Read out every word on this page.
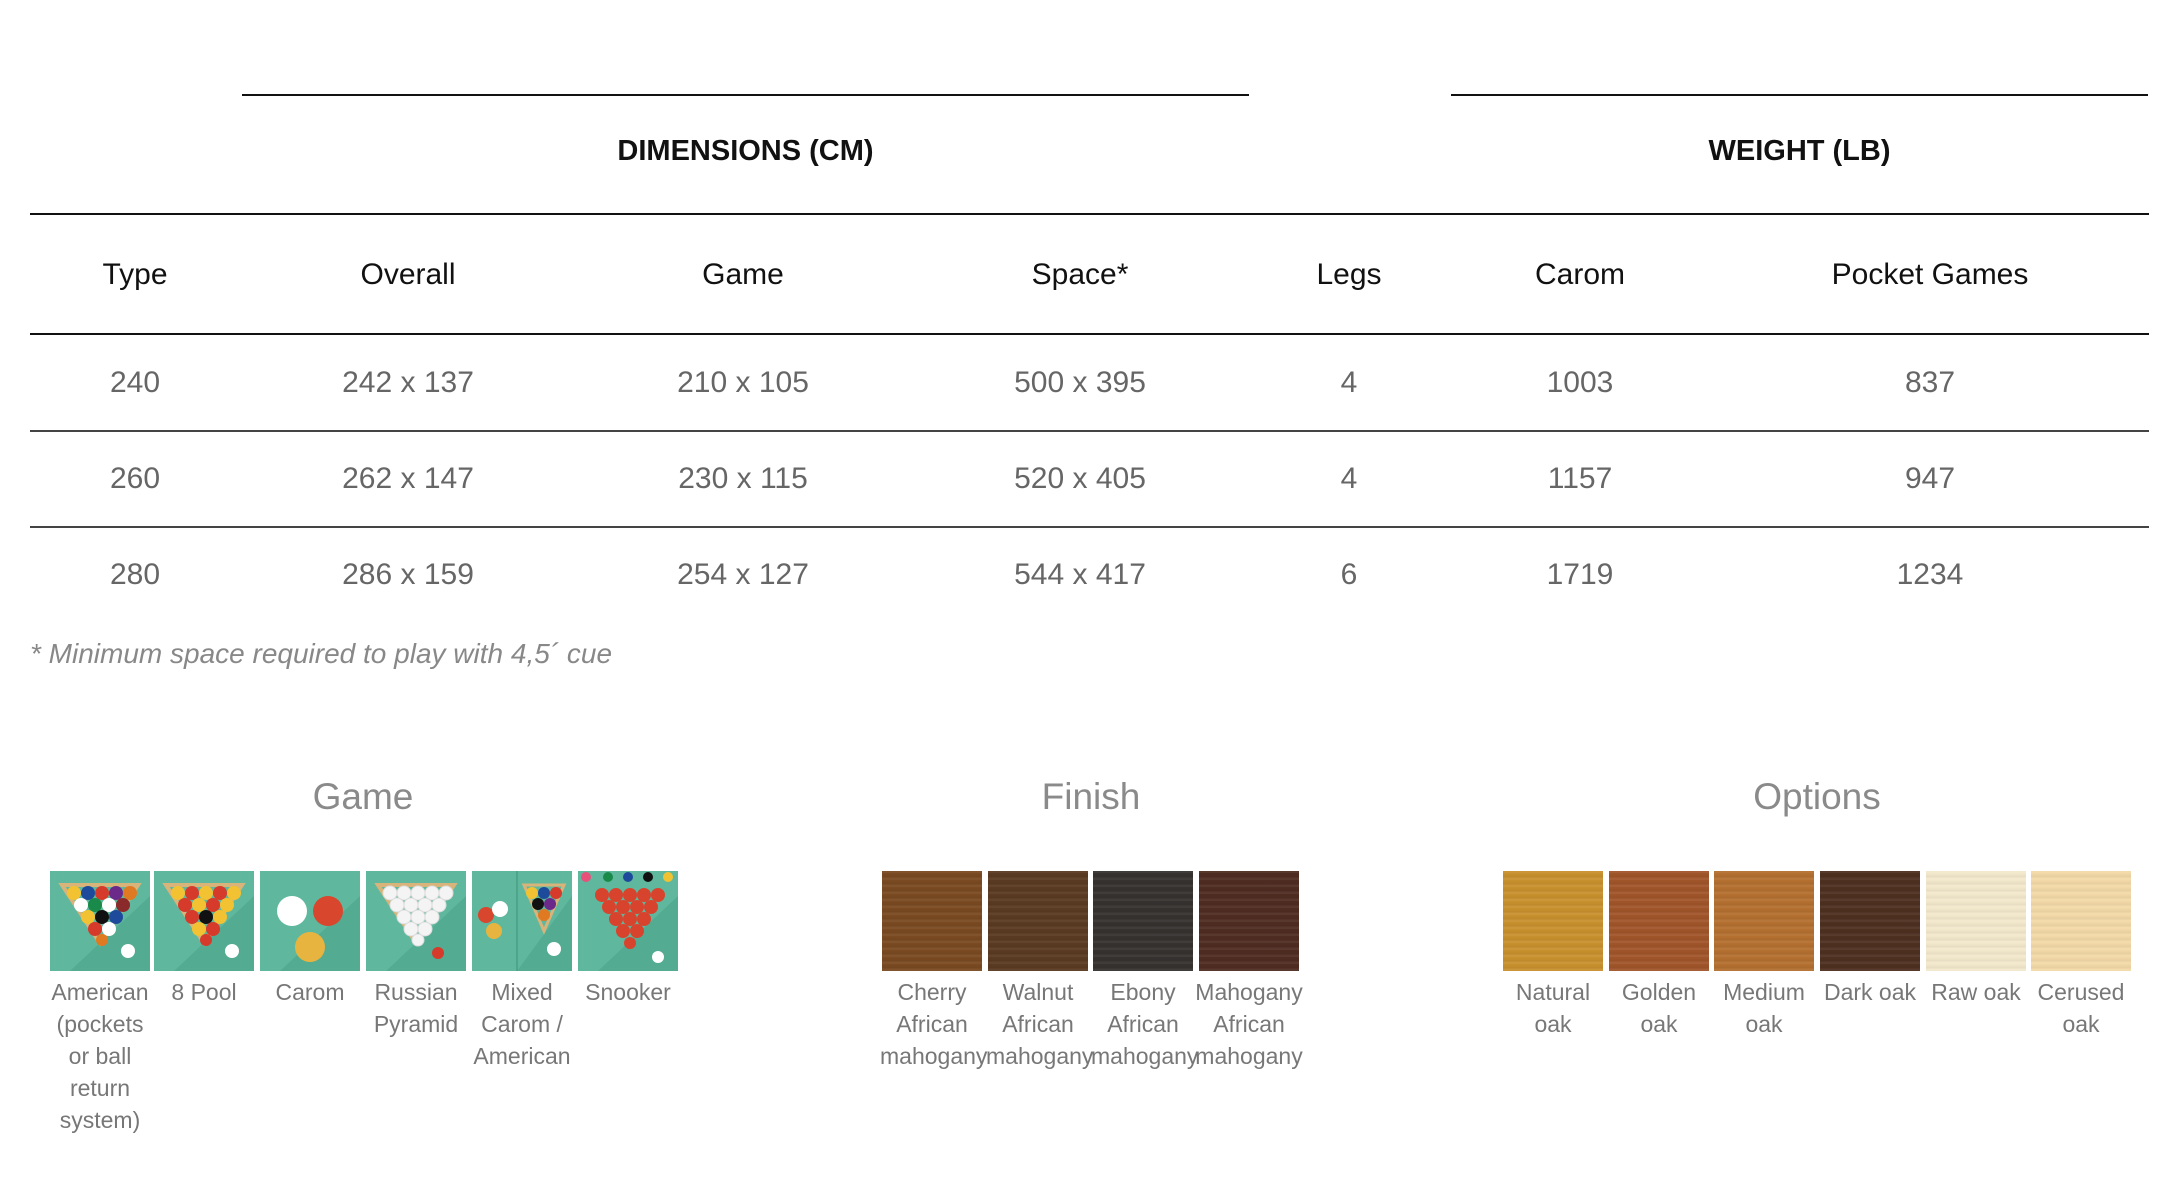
DIMENSIONS (CM)	WEIGHT (LB)
Type	Overall	Game	Space*	Legs	Carom	Pocket Games
240	242 x 137	210 x 105	500 x 395	4	1003	837
260	262 x 147	230 x 115	520 x 405	4	1157	947
280	286 x 159	254 x 127	544 x 417	6	1719	1234
* Minimum space required to play with 4,5´ cue
Game	Finish	Options
American (pockets or ball return system)
8 Pool	Carom	Russian Pyramid
Mixed Carom / American
Snooker	Cherry African mahogany
Walnut African mahogany
Ebony African mahogany
Mahogany African mahogany
Natural oak
Golden oak
Medium oak
Dark oak Raw oak Cerused oak
